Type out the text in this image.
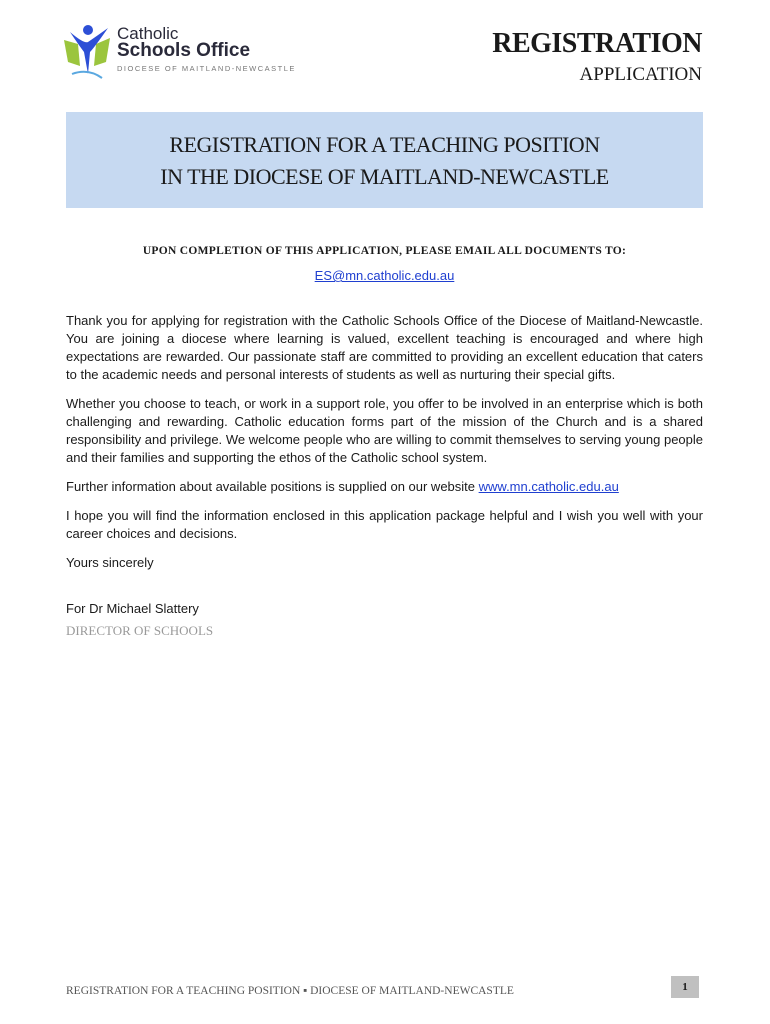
Catholic
Schools Office
DIOCESE OF MAITLAND-NEWCASTLE
REGISTRATION
APPLICATION
REGISTRATION FOR A TEACHING POSITION
IN THE DIOCESE OF MAITLAND-NEWCASTLE
UPON COMPLETION OF THIS APPLICATION, PLEASE EMAIL ALL DOCUMENTS TO:
ES@mn.catholic.edu.au

Thank you for applying for registration with the Catholic Schools Office of the Diocese of Maitland-Newcastle. You are joining a diocese where learning is valued, excellent teaching is encouraged and where high expectations are rewarded. Our passionate staff are committed to providing an excellent education that caters to the academic needs and personal interests of students as well as nurturing their special gifts.

Whether you choose to teach, or work in a support role, you offer to be involved in an enterprise which is both challenging and rewarding. Catholic education forms part of the mission of the Church and is a shared responsibility and privilege. We welcome people who are willing to commit themselves to serving young people and their families and supporting the ethos of the Catholic school system.

Further information about available positions is supplied on our website www.mn.catholic.edu.au

I hope you will find the information enclosed in this application package helpful and I wish you well with your career choices and decisions.

Yours sincerely

For Dr Michael Slattery

DIRECTOR OF SCHOOLS

REGISTRATION FOR A TEACHING POSITION ▪ DIOCESE OF MAITLAND-NEWCASTLE	1
